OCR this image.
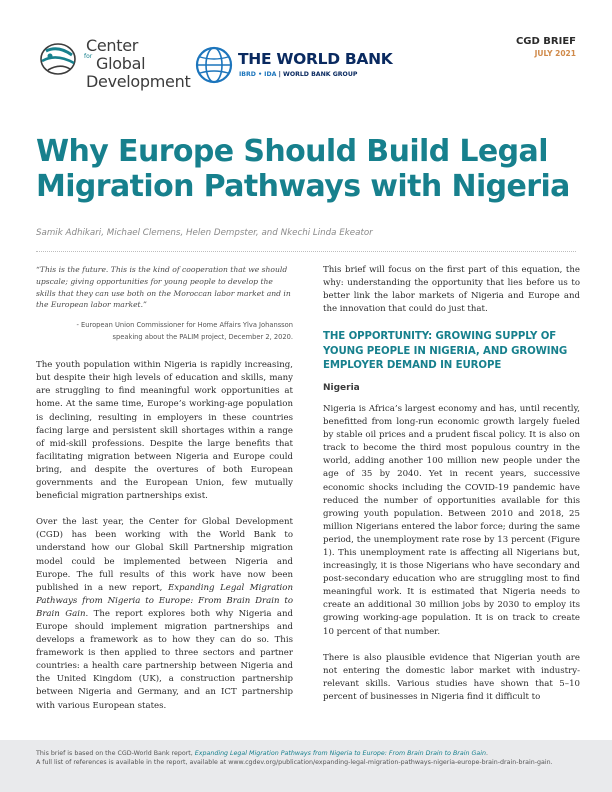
Center
for Global
Development
THE WORLD BANK
IBRD • IDA | WORLD BANK GROUP
CGD BRIEF
JULY 2021
Why Europe Should Build Legal Migration Pathways with Nigeria
Samik Adhikari, Michael Clemens, Helen Dempster, and Nkechi Linda Ekeator
“This is the future. This is the kind of cooperation that we should upscale; giving opportunities for young people to develop the skills that they can use both on the Moroccan labor market and in the European labor market.”
- European Union Commissioner for Home Affairs Ylva Johansson
speaking about the PALIM project, December 2, 2020.

The youth population within Nigeria is rapidly increasing, but despite their high levels of education and skills, many are struggling to find meaningful work opportunities at home. At the same time, Europe’s working-age population is declining, resulting in employers in these countries facing large and persistent skill shortages within a range of mid-skill professions. Despite the large benefits that facilitating migration between Nigeria and Europe could bring, and despite the overtures of both European governments and the European Union, few mutually beneficial migration partnerships exist.

Over the last year, the Center for Global Development (CGD) has been working with the World Bank to understand how our Global Skill Partnership migration model could be implemented between Nigeria and Europe. The full results of this work have now been published in a new report, Expanding Legal Migration Pathways from Nigeria to Europe: From Brain Drain to Brain Gain. The report explores both why Nigeria and Europe should implement migration partnerships and develops a framework as to how they can do so. This framework is then applied to three sectors and partner countries: a health care partnership between Nigeria and the United Kingdom (UK), a construction partnership between Nigeria and Germany, and an ICT partnership with various European states.

This brief will focus on the first part of this equation, the why: understanding the opportunity that lies before us to better link the labor markets of Nigeria and Europe and the innovation that could do just that.

THE OPPORTUNITY: GROWING SUPPLY OF YOUNG PEOPLE IN NIGERIA, AND GROWING EMPLOYER DEMAND IN EUROPE
Nigeria

Nigeria is Africa’s largest economy and has, until recently, benefitted from long-run economic growth largely fueled by stable oil prices and a prudent fiscal policy. It is also on track to become the third most populous country in the world, adding another 100 million new people under the age of 35 by 2040. Yet in recent years, successive economic shocks including the COVID-19 pandemic have reduced the number of opportunities available for this growing youth population. Between 2010 and 2018, 25 million Nigerians entered the labor force; during the same period, the unemployment rate rose by 13 percent (Figure 1). This unemployment rate is affecting all Nigerians but, increasingly, it is those Nigerians who have secondary and post-secondary education who are struggling most to find meaningful work. It is estimated that Nigeria needs to create an additional 30 million jobs by 2030 to employ its growing working-age population. It is on track to create 10 percent of that number.

There is also plausible evidence that Nigerian youth are not entering the domestic labor market with industry-relevant skills. Various studies have shown that 5–10 percent of businesses in Nigeria find it difficult to

This brief is based on the CGD-World Bank report, Expanding Legal Migration Pathways from Nigeria to Europe: From Brain Drain to Brain Gain.
A full list of references is available in the report, available at www.cgdev.org/publication/expanding-legal-migration-pathways-nigeria-europe-brain-drain-brain-gain.
